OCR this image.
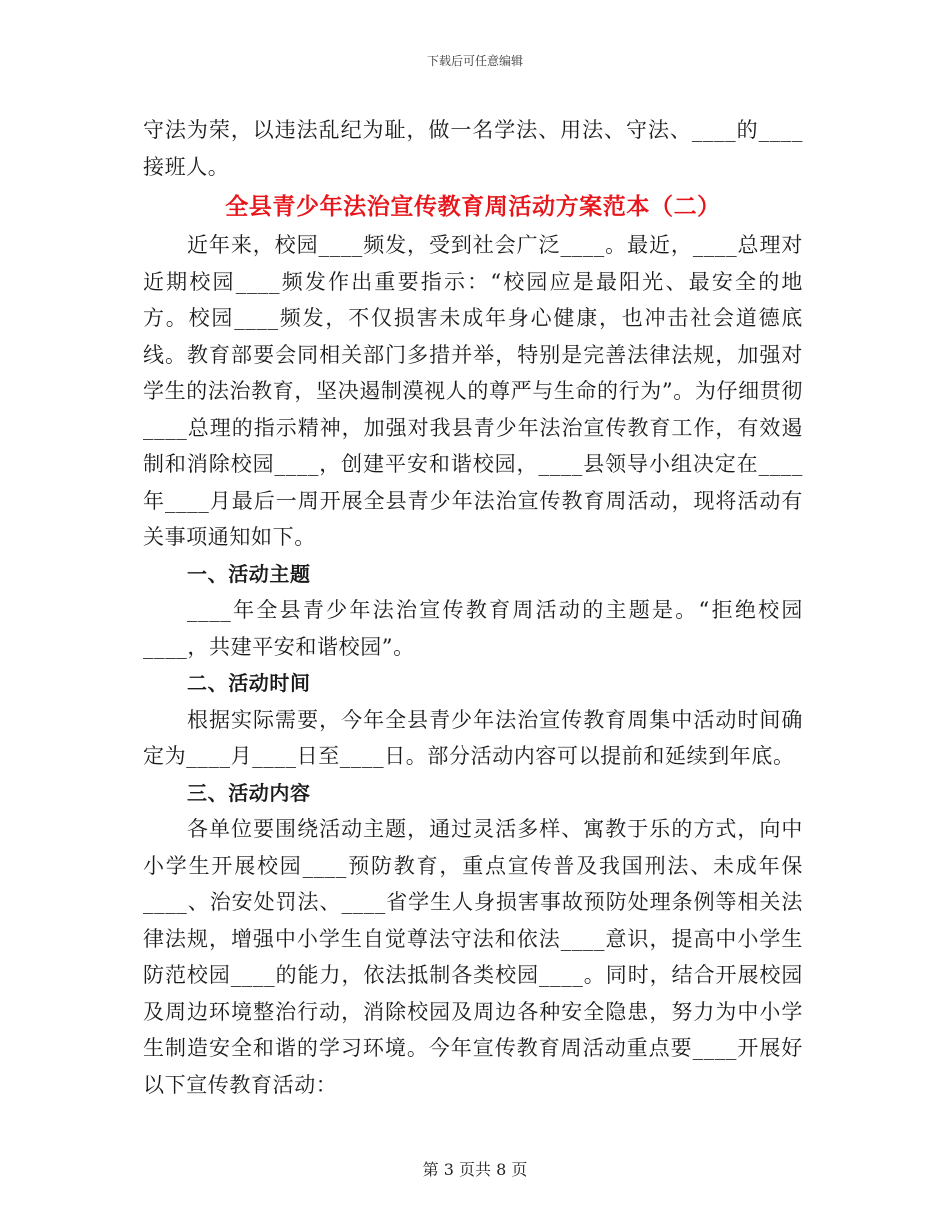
下载后可任意编辑

守法为荣，以违法乱纪为耻，做一名学法、用法、守法、____的____接班人。

全县青少年法治宣传教育周活动方案范本（二）

近年来，校园____频发，受到社会广泛____。最近，____总理对近期校园____频发作出重要指示：“校园应是最阳光、最安全的地方。校园____频发，不仅损害未成年身心健康，也冲击社会道德底线。教育部要会同相关部门多措并举，特别是完善法律法规，加强对学生的法治教育，坚决遏制漠视人的尊严与生命的行为”。为仔细贯彻____总理的指示精神，加强对我县青少年法治宣传教育工作，有效遏制和消除校园____，创建平安和谐校园，____县领导小组决定在____年____月最后一周开展全县青少年法治宣传教育周活动，现将活动有关事项通知如下。

一、活动主题

____年全县青少年法治宣传教育周活动的主题是。“拒绝校园____，共建平安和谐校园”。

二、活动时间

根据实际需要，今年全县青少年法治宣传教育周集中活动时间确定为____月____日至____日。部分活动内容可以提前和延续到年底。

三、活动内容

各单位要围绕活动主题，通过灵活多样、寓教于乐的方式，向中小学生开展校园____预防教育，重点宣传普及我国刑法、未成年保____、治安处罚法、____省学生人身损害事故预防处理条例等相关法律法规，增强中小学生自觉尊法守法和依法____意识，提高中小学生防范校园____的能力，依法抵制各类校园____。同时，结合开展校园及周边环境整治行动，消除校园及周边各种安全隐患，努力为中小学生制造安全和谐的学习环境。今年宣传教育周活动重点要____开展好以下宣传教育活动：

第 3 页共 8 页
